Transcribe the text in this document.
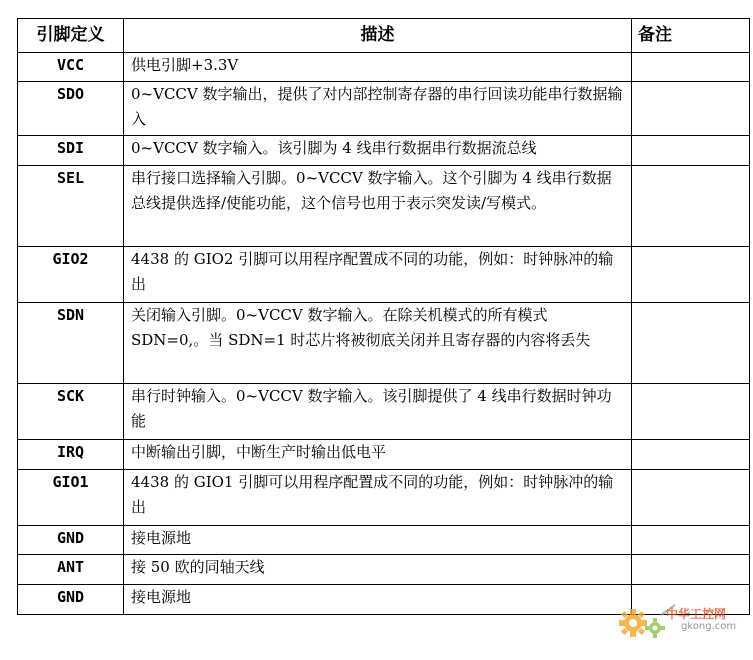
引脚定义	描述	备注
VCC	供电引脚+3.3V	
SDO	0~VCCV 数字输出，提供了对内部控制寄存器的串行回读功能串行数据输入	
SDI	0~VCCV 数字输入。该引脚为 4 线串行数据串行数据流总线	
SEL	串行接口选择输入引脚。0~VCCV 数字输入。这个引脚为 4 线串行数据总线提供选择/使能功能，这个信号也用于表示突发读/写模式。	
GIO2	4438 的 GIO2 引脚可以用程序配置成不同的功能，例如：时钟脉冲的输出	
SDN	关闭输入引脚。0~VCCV 数字输入。在除关机模式的所有模式 SDN=0,。当 SDN=1 时芯片将被彻底关闭并且寄存器的内容将丢失	
SCK	串行时钟输入。0~VCCV 数字输入。该引脚提供了 4 线串行数据时钟功能	
IRQ	中断输出引脚，中断生产时输出低电平	
GIO1	4438 的 GIO1 引脚可以用程序配置成不同的功能，例如：时钟脉冲的输出	
GND	接电源地	
ANT	接 50 欧的同轴天线	
GND	接电源地	
中华工控网
gkong.com
